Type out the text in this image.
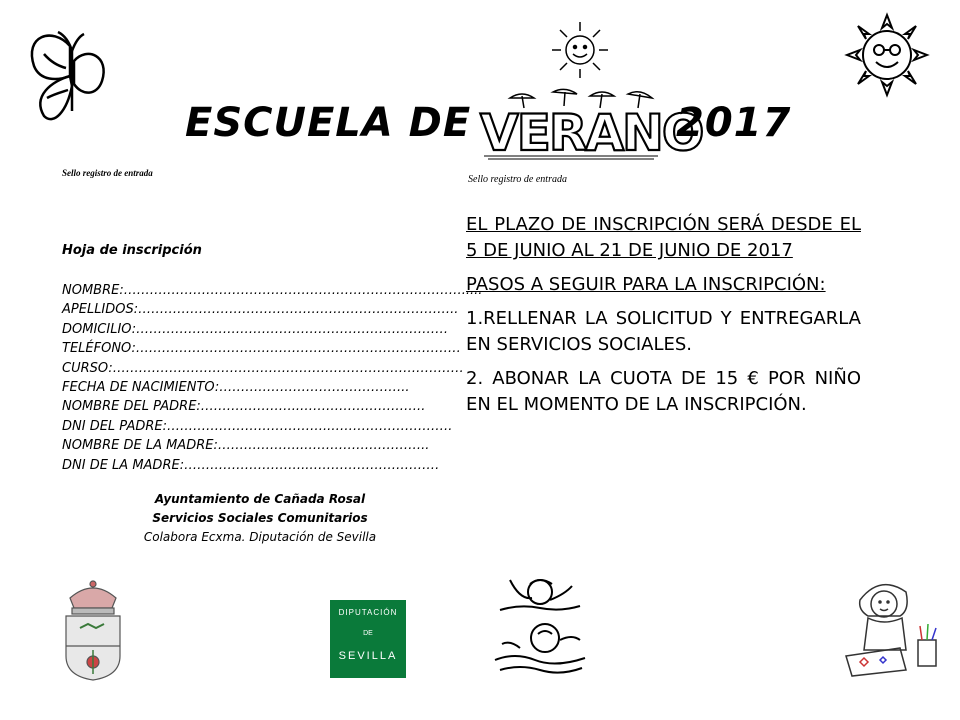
ESCUELA DE VERANO
2017
Sello registro de entrada
Hoja de inscripción
NOMBRE:…………………………………………………………………….....
APELLIDOS:………………………………………………………………..
DOMICILIO:………………………………………………………………
TELÉFONO:…………………………………………………………………
CURSO:………………………………………………………………………
FECHA DE NACIMIENTO:……………………………………..
NOMBRE DEL PADRE:…………………..………………………..
DNI DEL PADRE:………………………………..……………………….
NOMBRE DE LA MADRE:………………..………………………..
DNI DE LA MADRE:………………………..…………………………
Ayuntamiento de Cañada Rosal
Servicios Sociales Comunitarios
Colabora Ecxma. Diputación de Sevilla
Sello registro de entrada

EL PLAZO DE INSCRIPCIÓN SERÁ DESDE EL 5 DE JUNIO AL 21 DE JUNIO DE 2017

PASOS A SEGUIR PARA LA INSCRIPCIÓN:

1.RELLENAR LA SOLICITUD Y ENTREGARLA EN SERVICIOS SOCIALES.

2. ABONAR LA CUOTA DE 15 € POR NIÑO EN EL MOMENTO DE LA INSCRIPCIÓN.

DIPUTACIÓN
DE
SEVILLA
